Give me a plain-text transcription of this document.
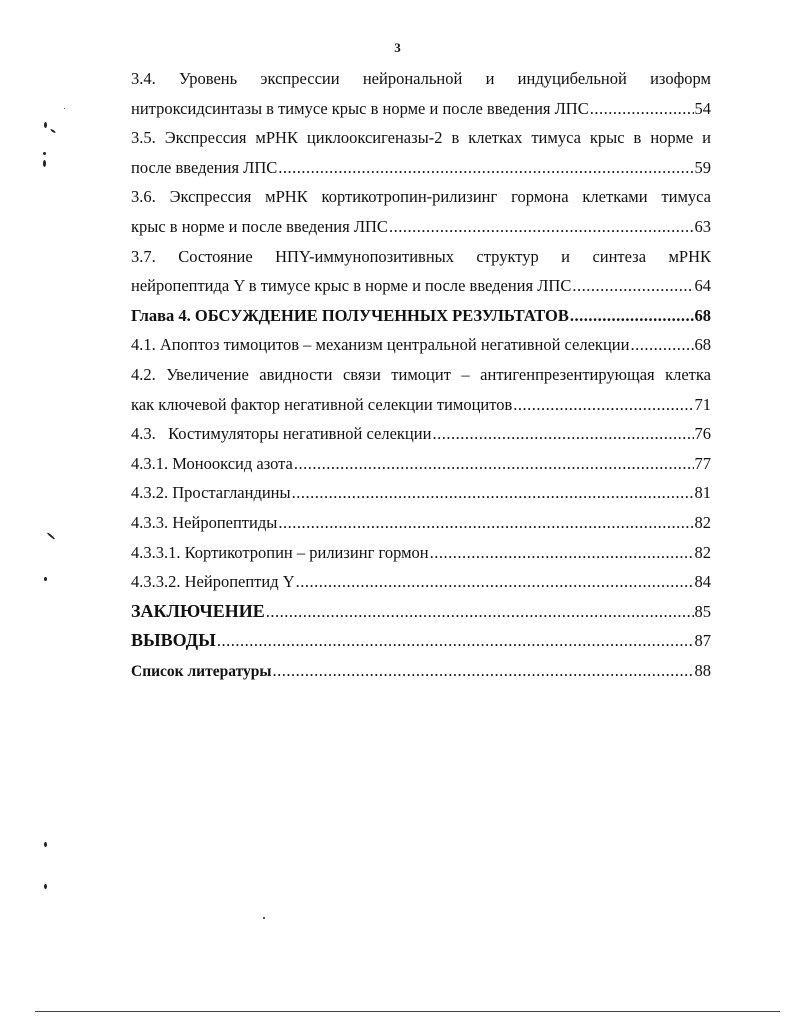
3
3.4. Уровень экспрессии нейрональной и индуцибельной изоформ
нитроксидсинтазы в тимусе крыс в норме и после введения ЛПС .....	54
3.5. Экспрессия мРНК циклооксигеназы-2 в клетках тимуса крыс в норме и
после введения ЛПС .....	59
3.6. Экспрессия мРНК кортикотропин-рилизинг гормона клетками тимуса
крыс в норме и после введения ЛПС .....	63
3.7. Состояние НПY-иммунопозитивных структур и синтеза мРНК
нейропептида Y в тимусе крыс в норме и после введения ЛПС .....	64
Глава 4. ОБСУЖДЕНИЕ ПОЛУЧЕННЫХ РЕЗУЛЬТАТОВ .....	68
4.1. Апоптоз тимоцитов – механизм центральной негативной селекции .....	68
4.2. Увеличение авидности связи тимоцит – антигенпрезентирующая клетка
как ключевой фактор негативной селекции тимоцитов .....	71
4.3.   Костимуляторы негативной селекции .....	76
4.3.1. Монооксид азота .....	77
4.3.2. Простагландины .....	81
4.3.3. Нейропептиды .....	82
4.3.3.1. Кортикотропин – рилизинг гормон .....	82
4.3.3.2. Нейропептид Y .....	84
ЗАКЛЮЧЕНИЕ .....	85
ВЫВОДЫ .....	87
Список литературы .....	88
